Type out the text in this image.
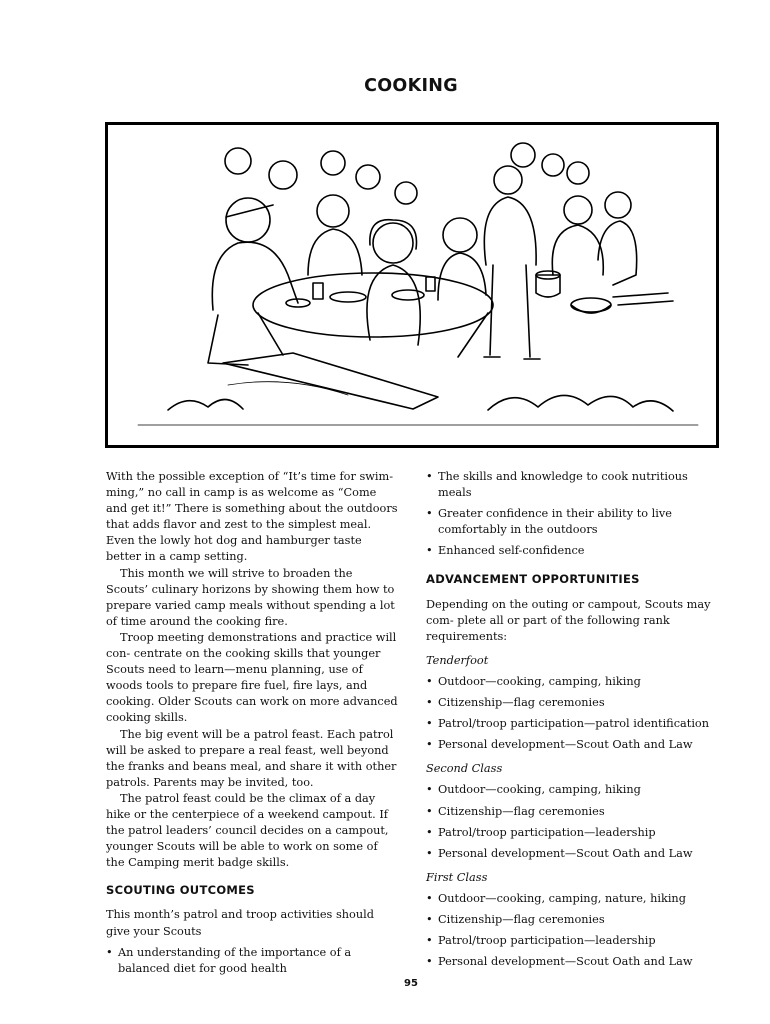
COOKING

With the possible exception of “It’s time for swim- ming,” no call in camp is as welcome as “Come and get it!” There is something about the outdoors that adds flavor and zest to the simplest meal. Even the lowly hot dog and hamburger taste better in a camp setting.

This month we will strive to broaden the Scouts’ culinary horizons by showing them how to prepare varied camp meals without spending a lot of time around the cooking fire.

Troop meeting demonstrations and practice will con- centrate on the cooking skills that younger Scouts need to learn—menu planning, use of woods tools to prepare fire fuel, fire lays, and cooking. Older Scouts can work on more advanced cooking skills.

The big event will be a patrol feast. Each patrol will be asked to prepare a real feast, well beyond the franks and beans meal, and share it with other patrols. Parents may be invited, too.

The patrol feast could be the climax of a day hike or the centerpiece of a weekend campout. If the patrol leaders’ council decides on a campout, younger Scouts will be able to work on some of the Camping merit badge skills.

SCOUTING OUTCOMES

This month’s patrol and troop activities should give your Scouts

• An understanding of the importance of a balanced diet for good health
• The skills and knowledge to cook nutritious meals
• Greater confidence in their ability to live comfortably in the outdoors
• Enhanced self-confidence

ADVANCEMENT OPPORTUNITIES

Depending on the outing or campout, Scouts may com- plete all or part of the following rank requirements:

Tenderfoot

• Outdoor—cooking, camping, hiking
• Citizenship—flag ceremonies
• Patrol/troop participation—patrol identification
• Personal development—Scout Oath and Law

Second Class

• Outdoor—cooking, camping, hiking
• Citizenship—flag ceremonies
• Patrol/troop participation—leadership
• Personal development—Scout Oath and Law

First Class

• Outdoor—cooking, camping, nature, hiking
• Citizenship—flag ceremonies
• Patrol/troop participation—leadership
• Personal development—Scout Oath and Law
95
